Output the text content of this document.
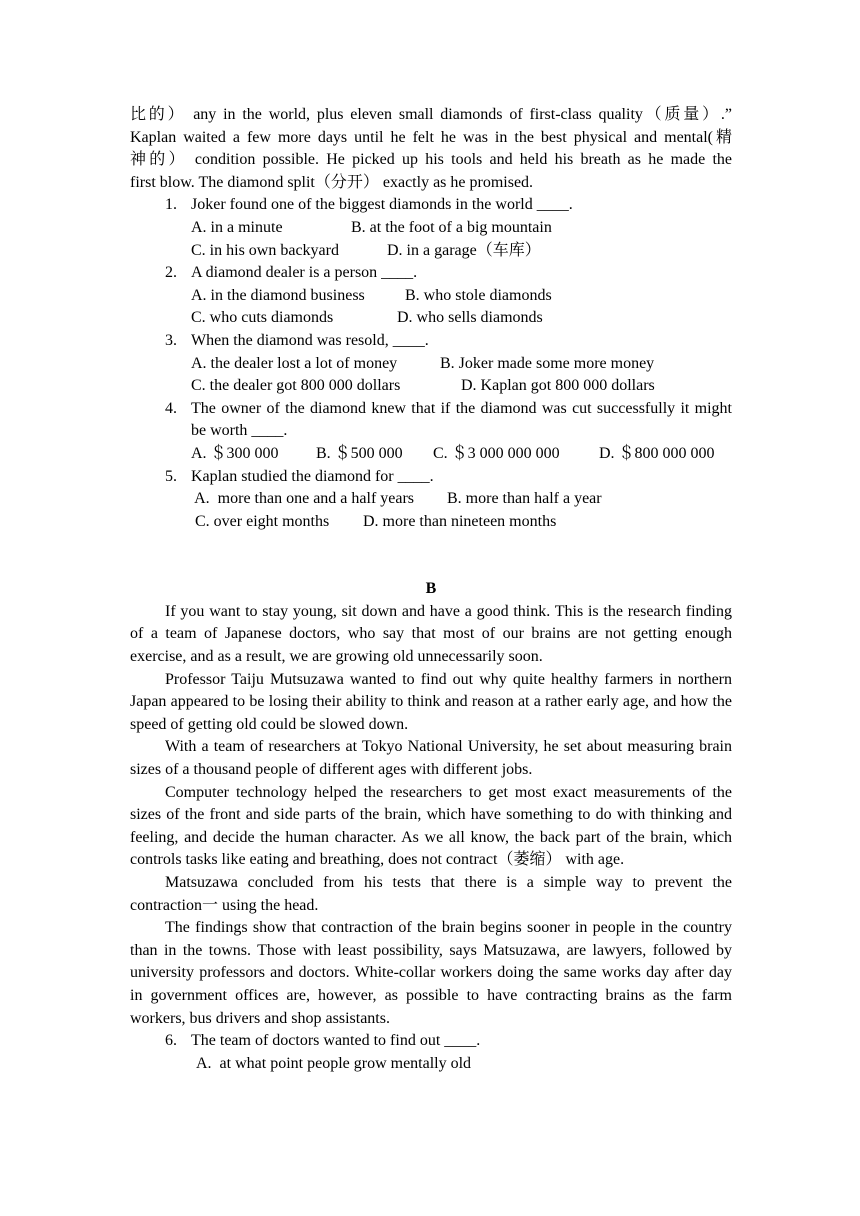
比的） any in the world, plus eleven small diamonds of first-class quality（质量）.”

Kaplan waited a few more days until he felt he was in the best physical and mental(精

神的） condition possible. He picked up his tools and held his breath as he made the

first blow. The diamond split（分开） exactly as he promised.

1. Joker found one of the biggest diamonds in the world ____.
A. in a minute	B. at the foot of a big mountain
C. in his own backyard	D. in a garage（车库）
2. A diamond dealer is a person ____.
A. in the diamond business	B. who stole diamonds
C. who cuts diamonds	D. who sells diamonds
3. When the diamond was resold, ____.
A. the dealer lost a lot of money	B. Joker made some more money
C. the dealer got 800 000 dollars	D. Kaplan got 800 000 dollars
4. The owner of the diamond knew that if the diamond was cut successfully it might be worth ____.
A. ＄300 000 B. ＄500 000 C. ＄3 000 000 000 D. ＄800 000 000
5. Kaplan studied the diamond for ____.
A.  more than one and a half years B. more than half a year
C. over eight months D. more than nineteen months
B

If you want to stay young, sit down and have a good think. This is the research finding of a team of Japanese doctors, who say that most of our brains are not getting enough exercise, and as a result, we are growing old unnecessarily soon.

Professor Taiju Mutsuzawa wanted to find out why quite healthy farmers in northern Japan appeared to be losing their ability to think and reason at a rather early age, and how the speed of getting old could be slowed down.

With a team of researchers at Tokyo National University, he set about measuring brain sizes of a thousand people of different ages with different jobs.

Computer technology helped the researchers to get most exact measurements of the sizes of the front and side parts of the brain, which have something to do with thinking and feeling, and decide the human character. As we all know, the back part of the brain, which controls tasks like eating and breathing, does not contract（萎缩） with age.

Matsuzawa concluded from his tests that there is a simple way to prevent the contraction一 using the head.

The findings show that contraction of the brain begins sooner in people in the country than in the towns. Those with least possibility, says Matsuzawa, are lawyers, followed by university professors and doctors. White-collar workers doing the same works day after day in government offices are, however, as possible to have contracting brains as the farm workers, bus drivers and shop assistants.

6. The team of doctors wanted to find out ____.
A.  at what point people grow mentally old
